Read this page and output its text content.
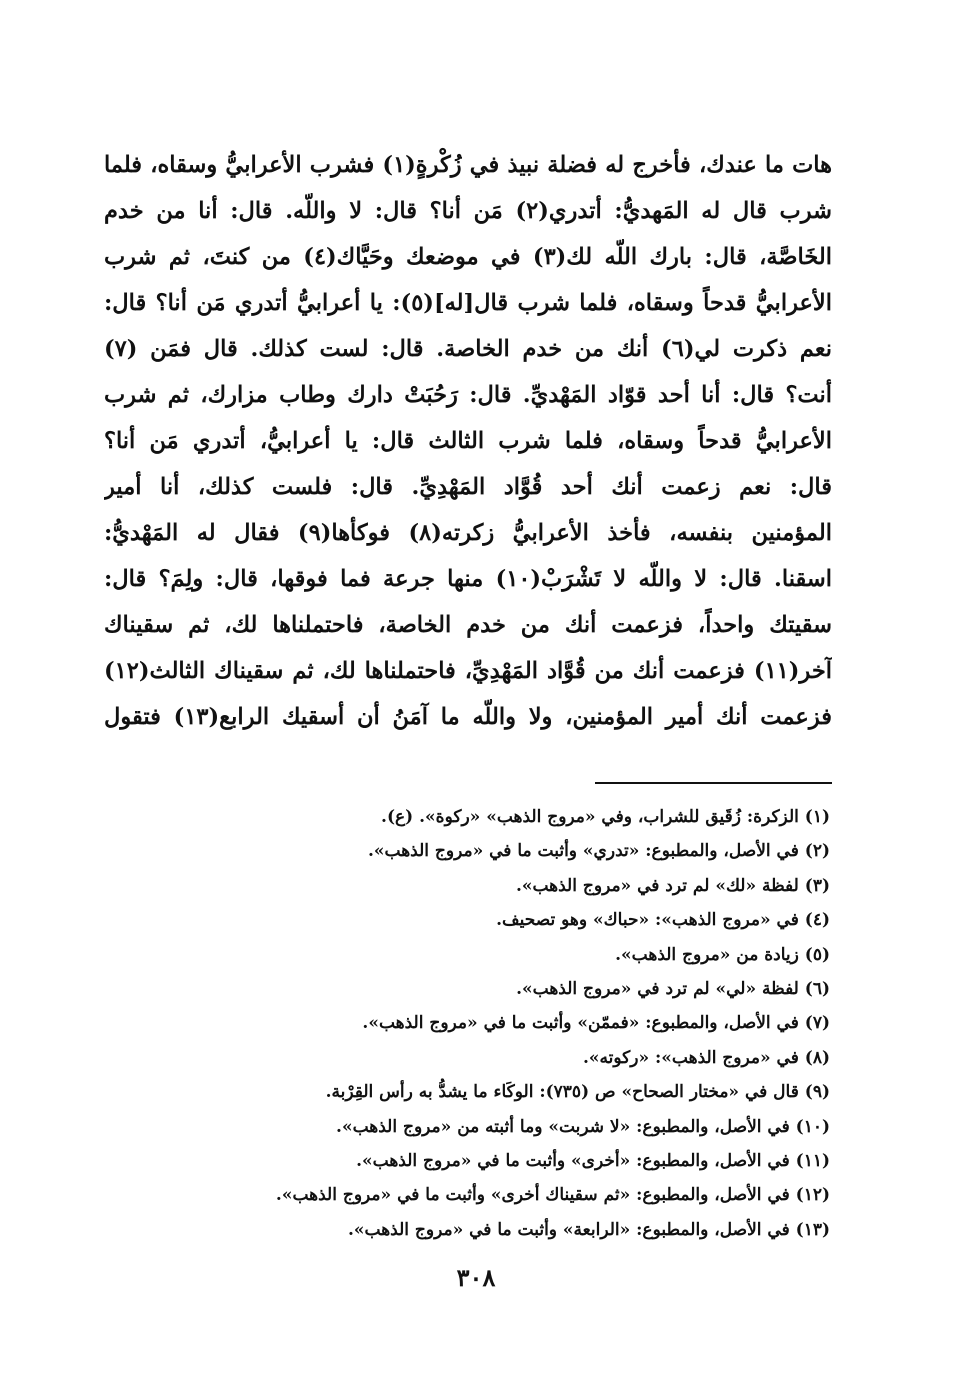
هات ما عندك، فأخرج له فضلة نبيذ في زُكْرةٍ(١) فشرب الأعرابيُّ وسقاه، فلما
شرب قال له المَهديُّ: أتدري(٢) مَن أنا؟ قال: لا واللّه. قال: أنا من خدم
الخَاصَّة، قال: بارك اللّه لك(٣) في موضعك وحَيَّاك(٤) من كنتَ، ثم شرب
الأعرابيُّ قدحاً وسقاه، فلما شرب قال[له](٥): يا أعرابيُّ أتدري مَن أنا؟ قال:
نعم ذكرت لي(٦) أنك من خدم الخاصة. قال: لست كذلك. قال فمَن (٧)
أنت؟ قال: أنا أحد قوّاد المَهْديِّ. قال: رَحُبَتْ دارك وطاب مزارك، ثم شرب
الأعرابيُّ قدحاً وسقاه، فلما شرب الثالث قال: يا أعرابيُّ، أتدري مَن أنا؟
قال: نعم زعمت أنك أحد قُوَّاد المَهْدِيِّ. قال: فلست كذلك، أنا أمير
المؤمنين بنفسه، فأخذ الأعرابيُّ زكرته(٨) فوكأها(٩) فقال له المَهْديُّ:
اسقنا. قال: لا واللّه لا تَشْرَبْ(١٠) منها جرعة فما فوقها، قال: ولِمَ؟ قال:
سقيتك واحداً، فزعمت أنك من خدم الخاصة، فاحتملناها لك، ثم سقيناك
آخر(١١) فزعمت أنك من قُوَّاد المَهْدِيِّ، فاحتملناها لك، ثم سقيناك الثالث(١٢)
فزعمت أنك أمير المؤمنين، ولا واللّه ما آمَنُ أن أسقيك الرابع(١٣) فتقول
(١) الزكرة: زُقَيق للشراب، وفي «مروج الذهب» «ركوة». (ع).
(٢) في الأصل، والمطبوع: «تدري» وأثبت ما في «مروج الذهب».
(٣) لفظة «لك» لم ترد في «مروج الذهب».
(٤) في «مروج الذهب»: «حباك» وهو تصحيف.
(٥) زيادة من «مروج الذهب».
(٦) لفظة «لي» لم ترد في «مروج الذهب».
(٧) في الأصل، والمطبوع: «فممّن» وأثبت ما في «مروج الذهب».
(٨) في «مروج الذهب»: «ركوته».
(٩) قال في «مختار الصحاح» ص (٧٣٥): الوكَاء ما يشدُّ به رأس القِرْبة.
(١٠) في الأصل، والمطبوع: «لا شربت» وما أثبته من «مروج الذهب».
(١١) في الأصل، والمطبوع: «أخرى» وأثبت ما في «مروج الذهب».
(١٢) في الأصل، والمطبوع: «ثم سقيناك أخرى» وأثبت ما في «مروج الذهب».
(١٣) في الأصل، والمطبوع: «الرابعة» وأثبت ما في «مروج الذهب».
٣٠٨
